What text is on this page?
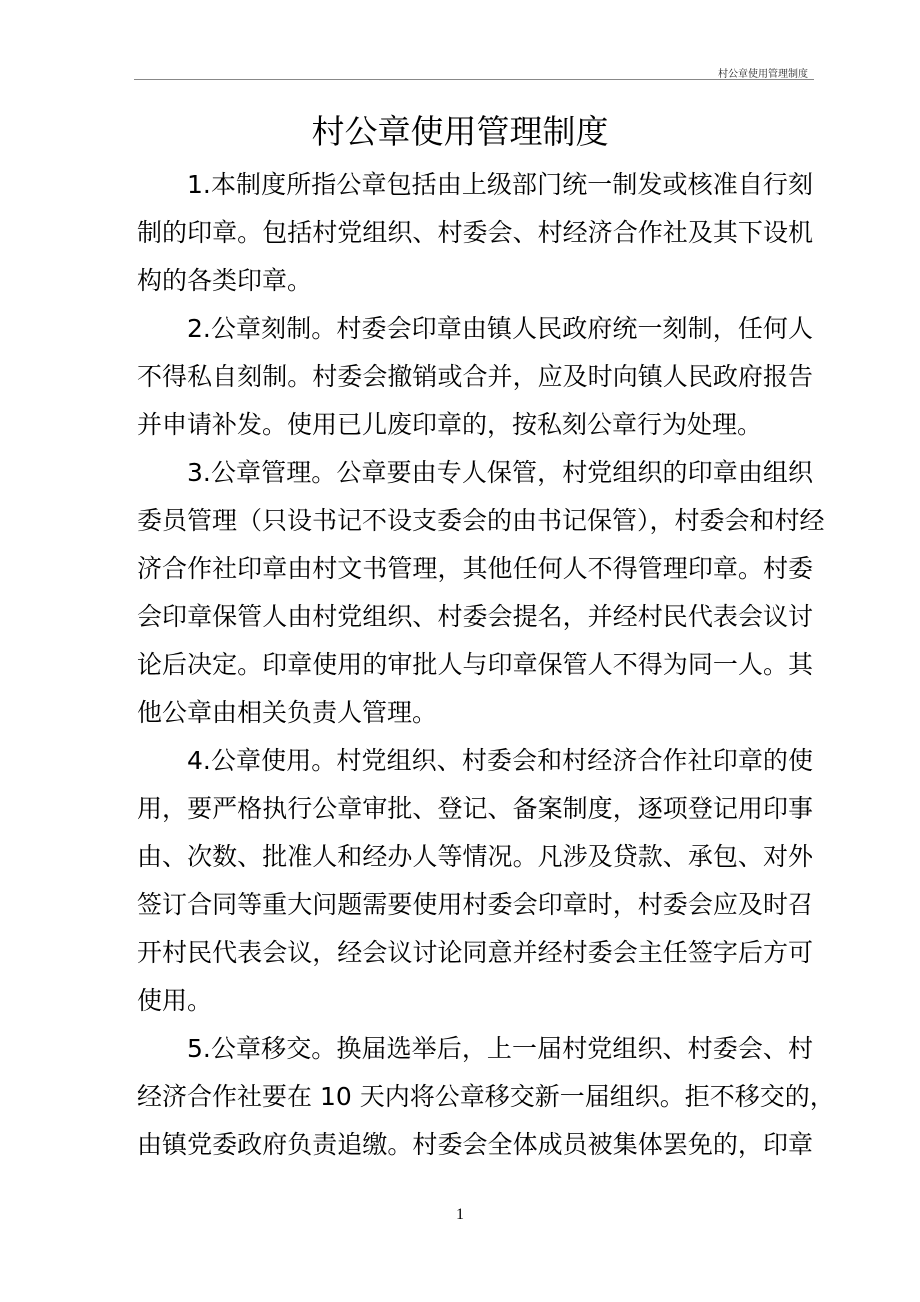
村公章使用管理制度
村公章使用管理制度
1.本制度所指公章包括由上级部门统一制发或核准自行刻
制的印章。包括村党组织、村委会、村经济合作社及其下设机
构的各类印章。
2.公章刻制。村委会印章由镇人民政府统一刻制，任何人
不得私自刻制。村委会撤销或合并，应及时向镇人民政府报告
并申请补发。使用已儿废印章的，按私刻公章行为处理。
3.公章管理。公章要由专人保管，村党组织的印章由组织
委员管理（只设书记不设支委会的由书记保管），村委会和村经
济合作社印章由村文书管理，其他任何人不得管理印章。村委
会印章保管人由村党组织、村委会提名，并经村民代表会议讨
论后决定。印章使用的审批人与印章保管人不得为同一人。其
他公章由相关负责人管理。
4.公章使用。村党组织、村委会和村经济合作社印章的使
用，要严格执行公章审批、登记、备案制度，逐项登记用印事
由、次数、批准人和经办人等情况。凡涉及贷款、承包、对外
签订合同等重大问题需要使用村委会印章时，村委会应及时召
开村民代表会议，经会议讨论同意并经村委会主任签字后方可
使用。
5.公章移交。换届选举后，上一届村党组织、村委会、村
经济合作社要在 10 天内将公章移交新一届组织。拒不移交的，
由镇党委政府负责追缴。村委会全体成员被集体罢免的，印章
1
